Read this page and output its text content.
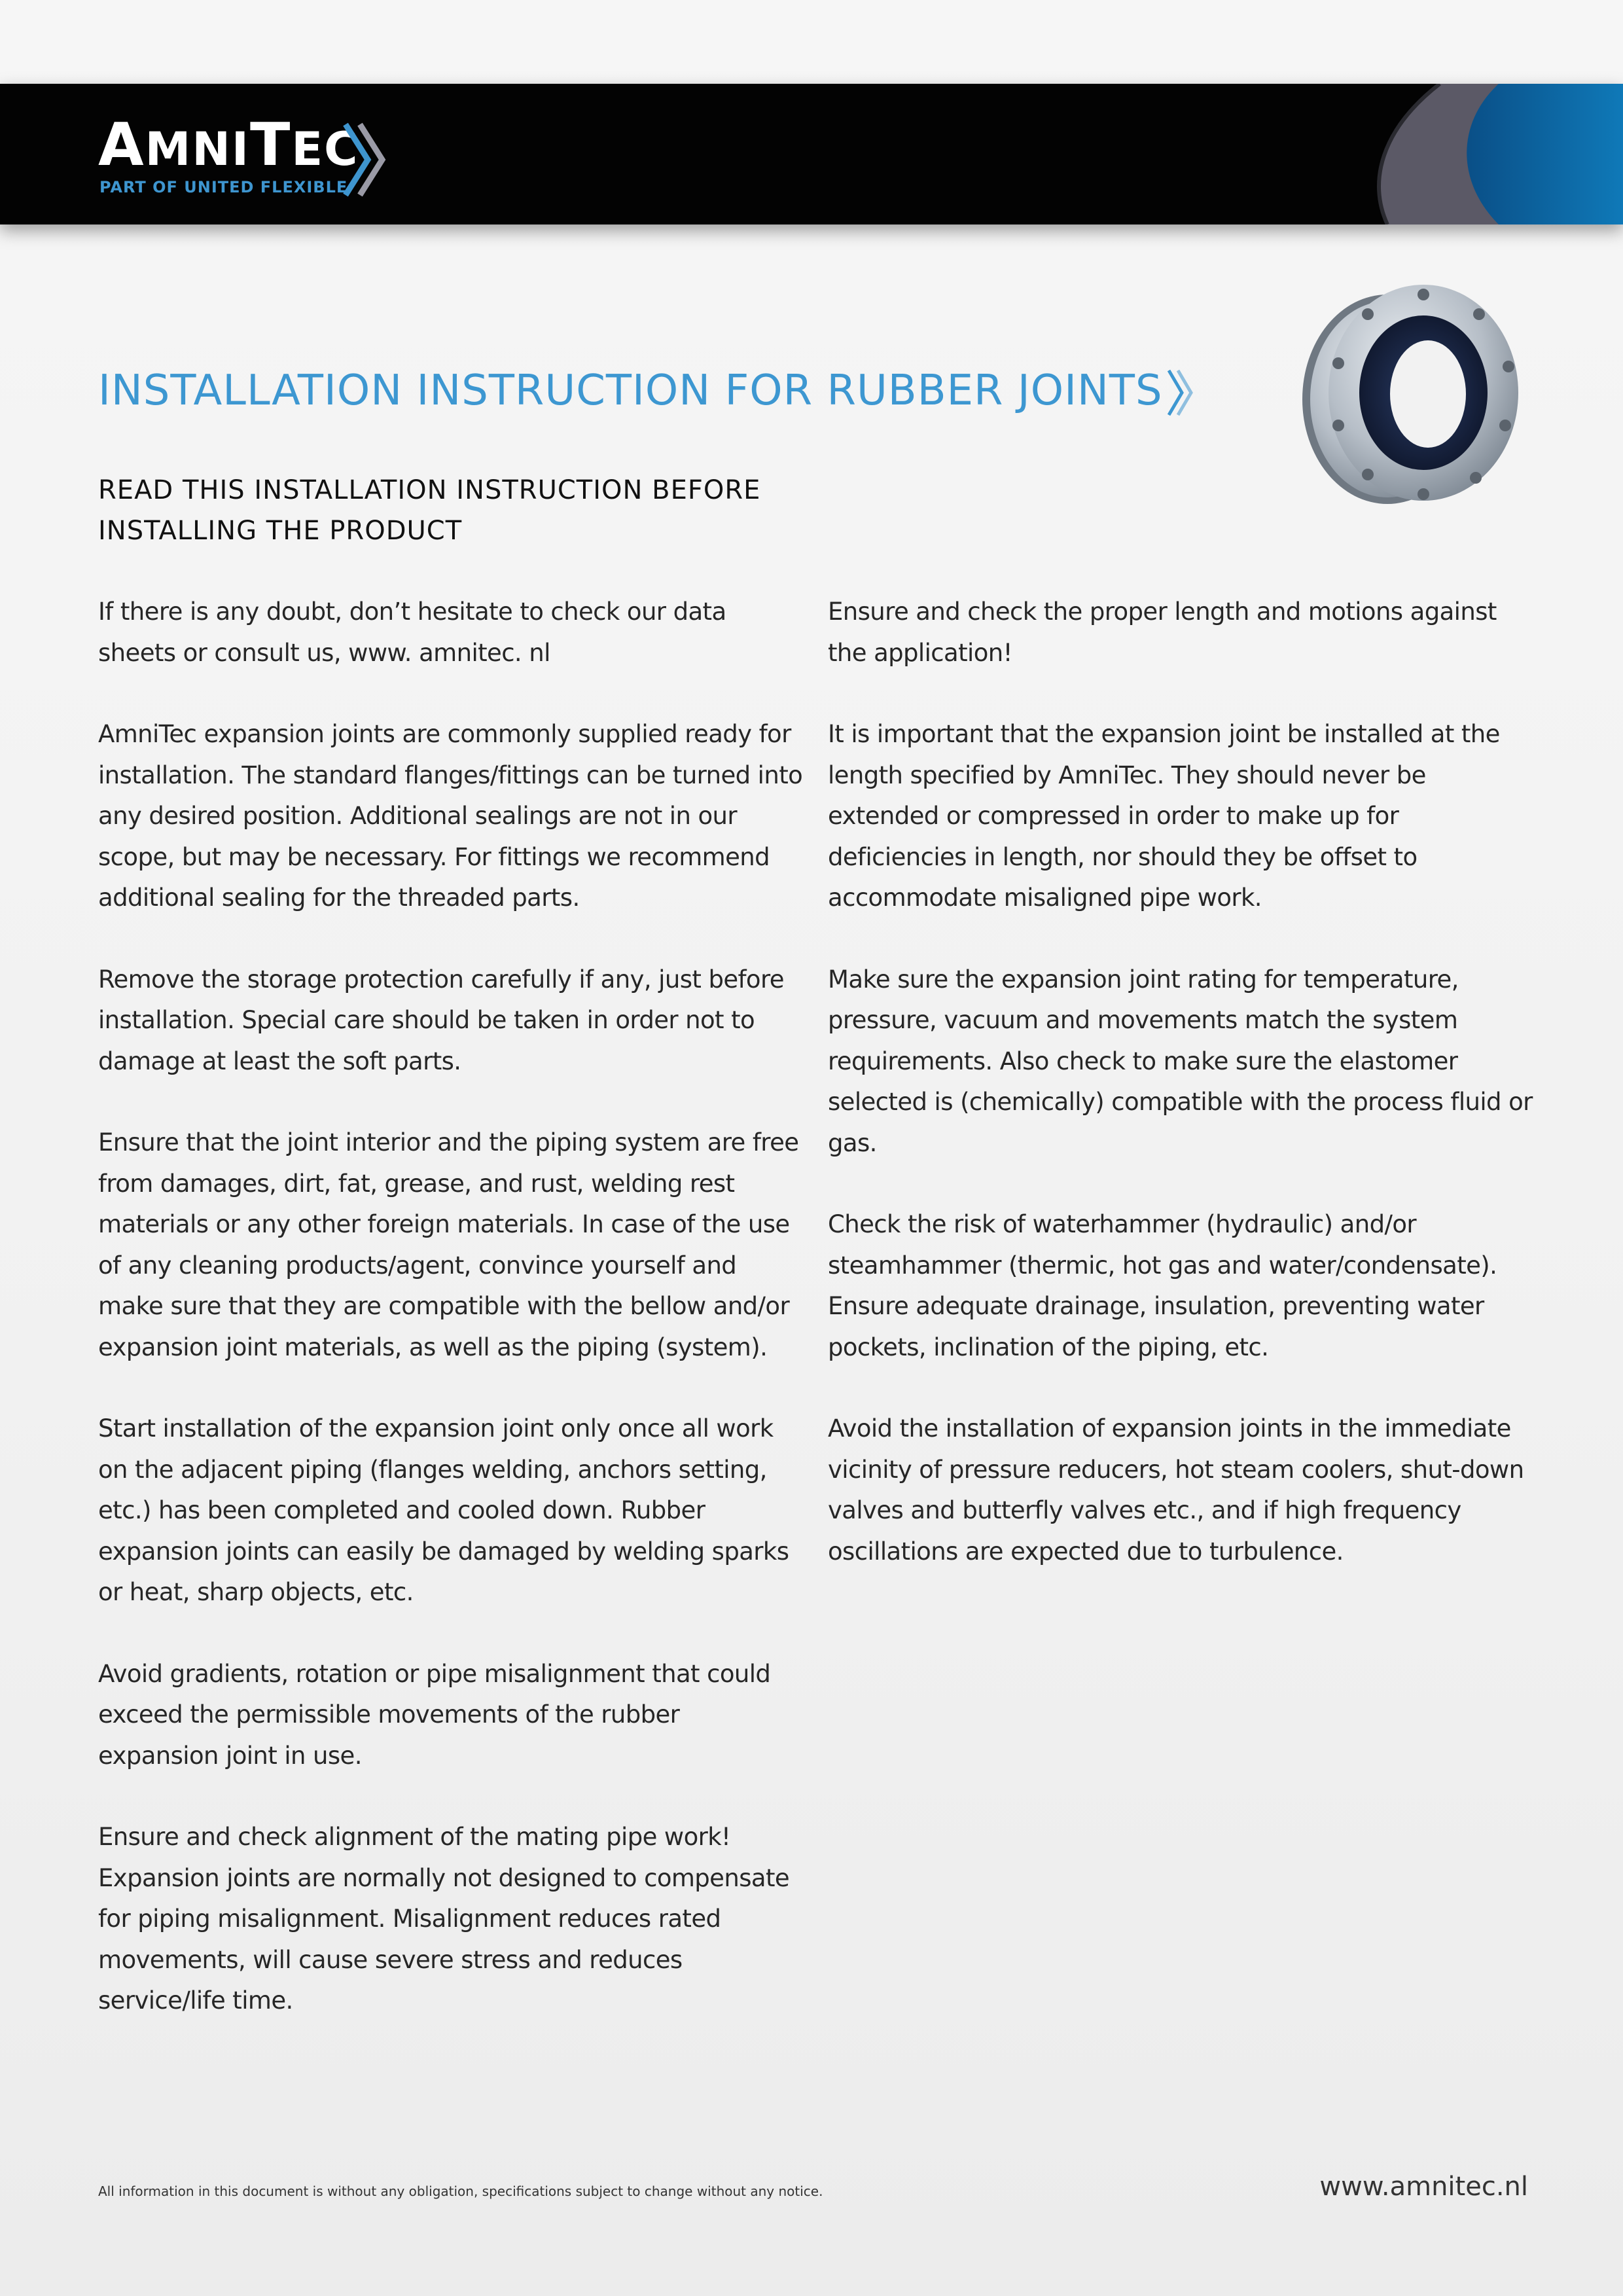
AMNITEC
PART OF UNITED FLEXIBLE
INSTALLATION INSTRUCTION FOR RUBBER JOINTS
READ THIS INSTALLATION INSTRUCTION BEFORE
INSTALLING THE PRODUCT

If there is any doubt, don’t hesitate to check our data sheets or consult us, www. amnitec. nl

AmniTec expansion joints are commonly supplied ready for installation. The standard flanges/fittings can be turned into any desired position. Additional sealings are not in our scope, but may be necessary. For fittings we recommend additional sealing for the threaded parts.

Remove the storage protection carefully if any, just before installation. Special care should be taken in order not to damage at least the soft parts.

Ensure that the joint interior and the piping system are free from damages, dirt, fat, grease, and rust, welding rest materials or any other foreign materials. In case of the use of any cleaning products/agent, convince yourself and make sure that they are compatible with the bellow and/or expansion joint materials, as well as the piping (system).

Start installation of the expansion joint only once all work on the adjacent piping (flanges welding, anchors setting, etc.) has been completed and cooled down. Rubber expansion joints can easily be damaged by welding sparks or heat, sharp objects, etc.

Avoid gradients, rotation or pipe misalignment that could exceed the permissible movements of the rubber expansion joint in use.

Ensure and check alignment of the mating pipe work! Expansion joints are normally not designed to compensate for piping misalignment. Misalignment reduces rated movements, will cause severe stress and reduces service/life time.

Ensure and check the proper length and motions against the application!

It is important that the expansion joint be installed at the length specified by AmniTec. They should never be extended or compressed in order to make up for deficiencies in length, nor should they be offset to accommodate misaligned pipe work.

Make sure the expansion joint rating for temperature, pressure, vacuum and movements match the system requirements. Also check to make sure the elastomer selected is (chemically) compatible with the process fluid or gas.

Check the risk of waterhammer (hydraulic) and/or steamhammer (thermic, hot gas and water/condensate). Ensure adequate drainage, insulation, preventing water pockets, inclination of the piping, etc.

Avoid the installation of expansion joints in the immediate vicinity of pressure reducers, hot steam coolers, shut-down valves and butterfly valves etc., and if high frequency oscillations are expected due to turbulence.

All information in this document is without any obligation, specifications subject to change without any notice.	www.amnitec.nl
